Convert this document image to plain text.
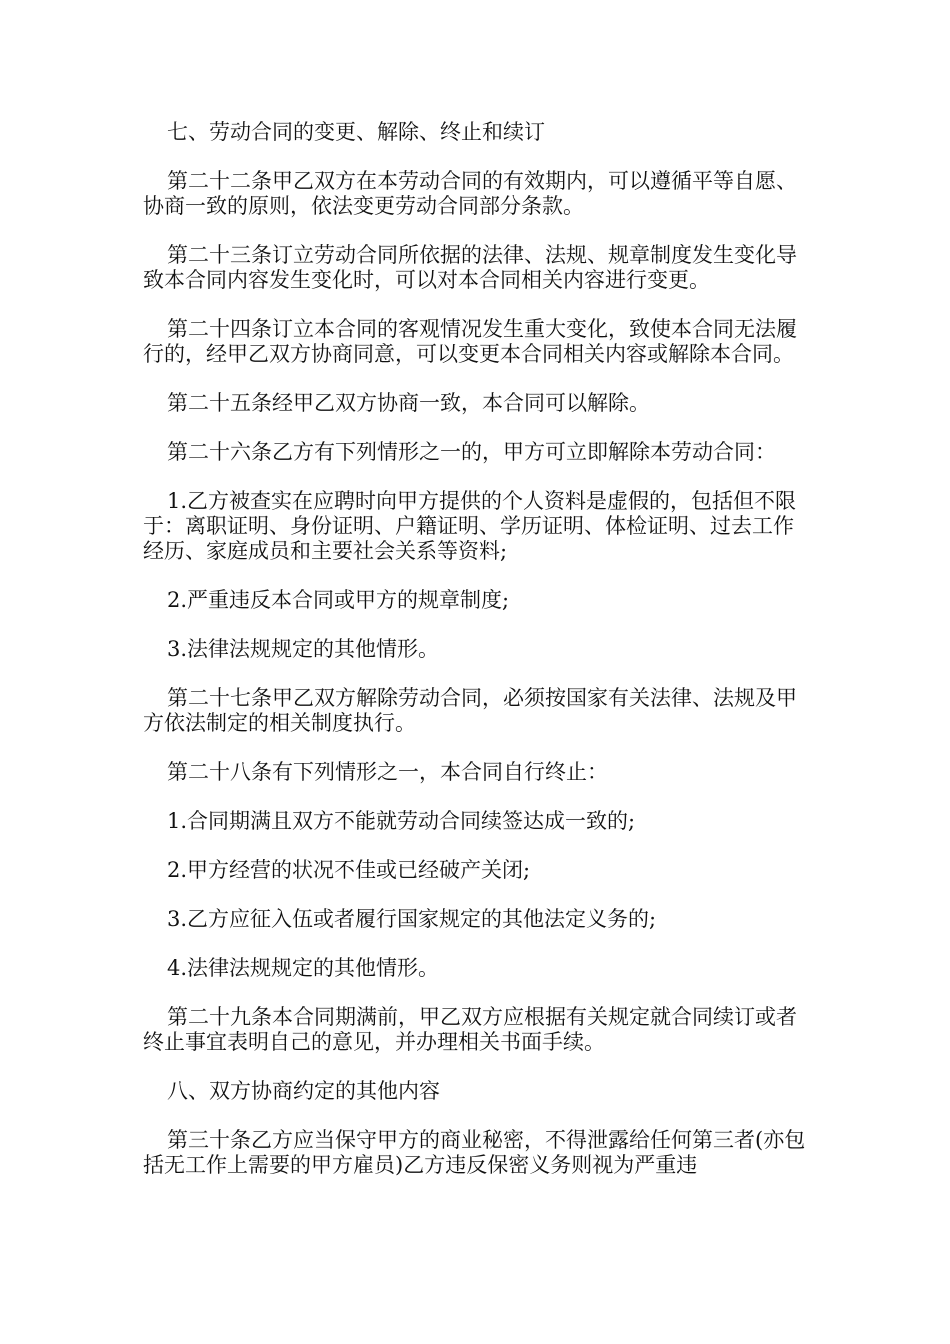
七、劳动合同的变更、解除、终止和续订

第二十二条甲乙双方在本劳动合同的有效期内，可以遵循平等自愿、协商一致的原则，依法变更劳动合同部分条款。

第二十三条订立劳动合同所依据的法律、法规、规章制度发生变化导致本合同内容发生变化时，可以对本合同相关内容进行变更。

第二十四条订立本合同的客观情况发生重大变化，致使本合同无法履行的，经甲乙双方协商同意，可以变更本合同相关内容或解除本合同。

第二十五条经甲乙双方协商一致，本合同可以解除。

第二十六条乙方有下列情形之一的，甲方可立即解除本劳动合同：

1.乙方被查实在应聘时向甲方提供的个人资料是虚假的，包括但不限于：离职证明、身份证明、户籍证明、学历证明、体检证明、过去工作经历、家庭成员和主要社会关系等资料;

2.严重违反本合同或甲方的规章制度;

3.法律法规规定的其他情形。

第二十七条甲乙双方解除劳动合同，必须按国家有关法律、法规及甲方依法制定的相关制度执行。

第二十八条有下列情形之一，本合同自行终止：

1.合同期满且双方不能就劳动合同续签达成一致的;

2.甲方经营的状况不佳或已经破产关闭;

3.乙方应征入伍或者履行国家规定的其他法定义务的;

4.法律法规规定的其他情形。

第二十九条本合同期满前，甲乙双方应根据有关规定就合同续订或者终止事宜表明自己的意见，并办理相关书面手续。

八、双方协商约定的其他内容

第三十条乙方应当保守甲方的商业秘密，不得泄露给任何第三者(亦包括无工作上需要的甲方雇员)乙方违反保密义务则视为严重违
